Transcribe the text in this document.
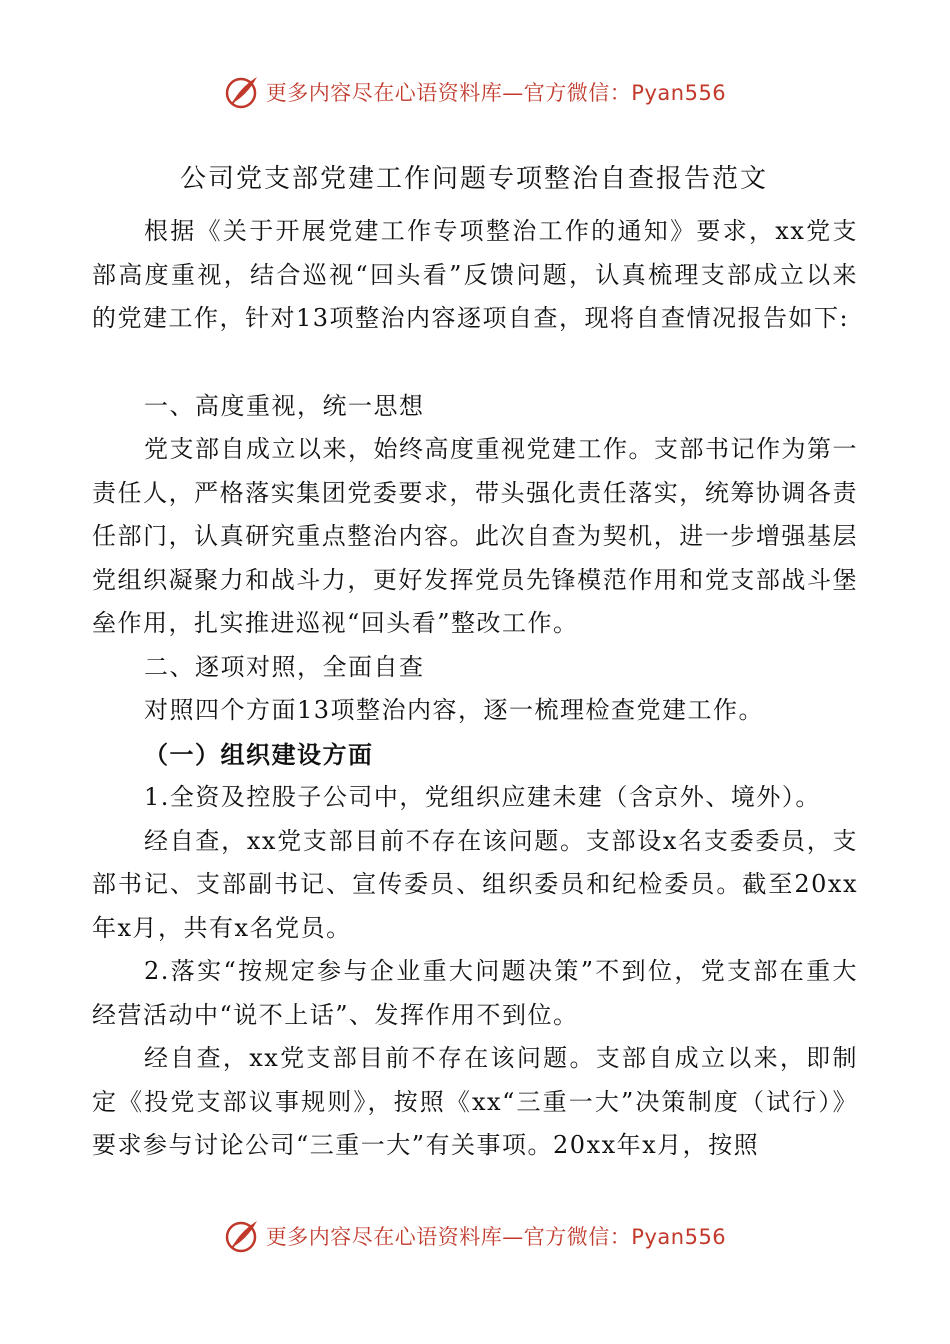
更多内容尽在心语资料库—官方微信：Pyan556
公司党支部党建工作问题专项整治自查报告范文

根据《关于开展党建工作专项整治工作的通知》要求，xx党支部高度重视，结合巡视“回头看”反馈问题，认真梳理支部成立以来的党建工作，针对13项整治内容逐项自查，现将自查情况报告如下:

一、高度重视，统一思想

党支部自成立以来，始终高度重视党建工作。支部书记作为第一责任人，严格落实集团党委要求，带头强化责任落实，统筹协调各责任部门，认真研究重点整治内容。此次自查为契机，进一步增强基层党组织凝聚力和战斗力，更好发挥党员先锋模范作用和党支部战斗堡垒作用，扎实推进巡视“回头看”整改工作。

二、逐项对照，全面自查

对照四个方面13项整治内容，逐一梳理检查党建工作。

（一）组织建设方面

1.全资及控股子公司中，党组织应建未建（含京外、境外）。

经自查，xx党支部目前不存在该问题。支部设x名支委委员，支部书记、支部副书记、宣传委员、组织委员和纪检委员。截至20xx年x月，共有x名党员。

2.落实“按规定参与企业重大问题决策”不到位，党支部在重大经营活动中“说不上话”、发挥作用不到位。

经自查，xx党支部目前不存在该问题。支部自成立以来，即制定《投党支部议事规则》，按照《xx“三重一大”决策制度（试行）》要求参与讨论公司“三重一大”有关事项。20xx年x月，按照

更多内容尽在心语资料库—官方微信：Pyan556
